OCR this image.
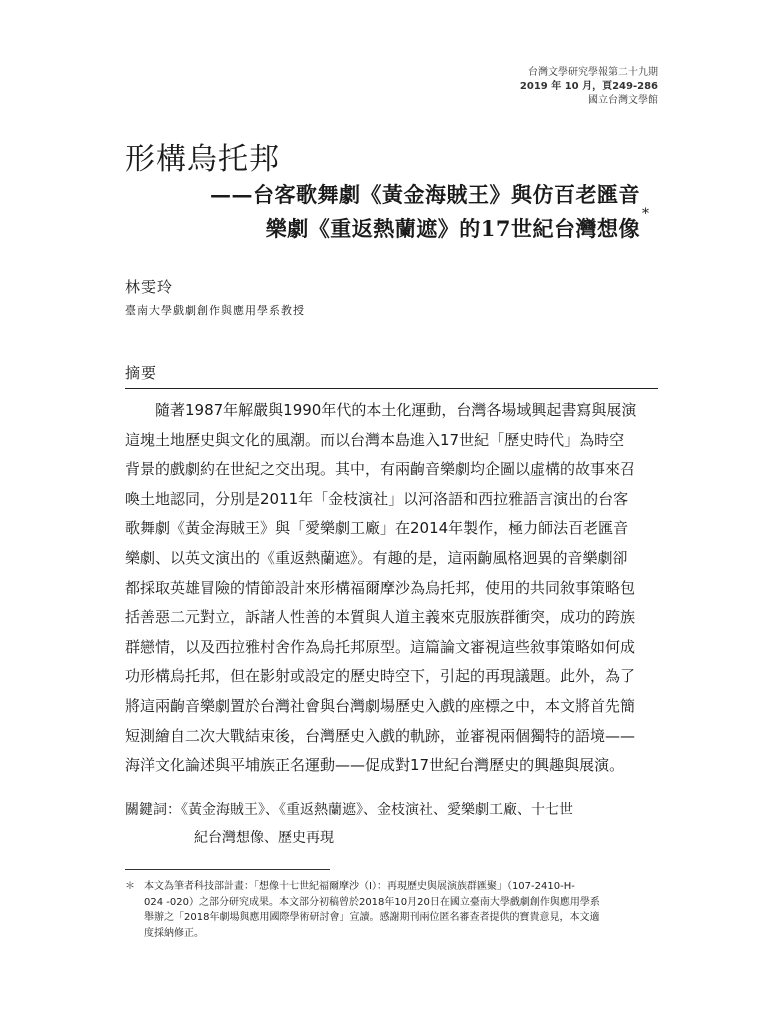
台灣文學研究學報第二十九期
2019 年 10 月，頁249-286
國立台灣文學館
形構烏托邦
——台客歌舞劇《黃金海賊王》與仿百老匯音
樂劇《重返熱蘭遮》的17世紀台灣想像
*
林雯玲
臺南大學戲劇創作與應用學系教授
摘要

隨著1987年解嚴與1990年代的本土化運動，台灣各場域興起書寫與展演
這塊土地歷史與文化的風潮。而以台灣本島進入17世紀「歷史時代」為時空
背景的戲劇約在世紀之交出現。其中，有兩齣音樂劇均企圖以虛構的故事來召
喚土地認同，分別是2011年「金枝演社」以河洛語和西拉雅語言演出的台客
歌舞劇《黃金海賊王》與「愛樂劇工廠」在2014年製作，極力師法百老匯音
樂劇、以英文演出的《重返熱蘭遮》。有趣的是，這兩齣風格迥異的音樂劇卻
都採取英雄冒險的情節設計來形構福爾摩沙為烏托邦，使用的共同敘事策略包
括善惡二元對立，訴諸人性善的本質與人道主義來克服族群衝突，成功的跨族
群戀情，以及西拉雅村舍作為烏托邦原型。這篇論文審視這些敘事策略如何成
功形構烏托邦，但在影射或設定的歷史時空下，引起的再現議題。此外，為了
將這兩齣音樂劇置於台灣社會與台灣劇場歷史入戲的座標之中，本文將首先簡
短測繪自二次大戰結束後，台灣歷史入戲的軌跡，並審視兩個獨特的語境——
海洋文化論述與平埔族正名運動——促成對17世紀台灣歷史的興趣與展演。

關鍵詞：《黃金海賊王》、《重返熱蘭遮》、金枝演社、愛樂劇工廠、十七世
紀台灣想像、歷史再現
＊ 本文為筆者科技部計畫：「想像十七世紀福爾摩沙（I）：再現歷史與展演族群匯聚」（107-2410-H-
024 -020）之部分研究成果。本文部分初稿曾於2018年10月20日在國立臺南大學戲劇創作與應用學系
舉辦之「2018年劇場與應用國際學術研討會」宣讀。感謝期刊兩位匿名審查者提供的寶貴意見，本文適
度採納修正。
